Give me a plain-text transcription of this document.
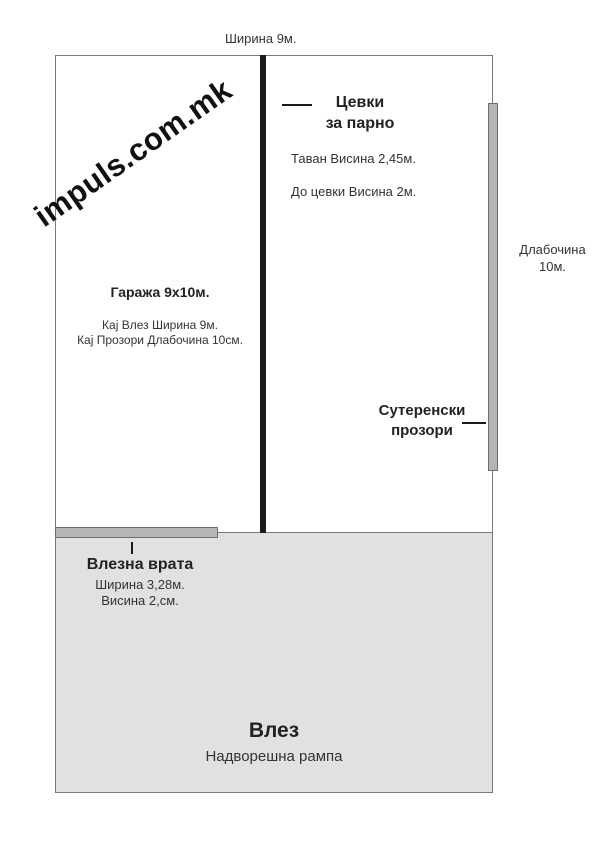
Ширина 9м.
Цевки
за парно
Таван Висина 2,45м.
До цевки Висина 2м.
Длабочина
10м.
Гаража 9x10м.
Кај Влез Ширина 9м.
Кај Прозори Длабочина 10см.
Сутеренски
прозори
Влезна врата
Ширина 3,28м.
Висина 2,см.
Влез
Надворешна рампа
impuls.com.mk
